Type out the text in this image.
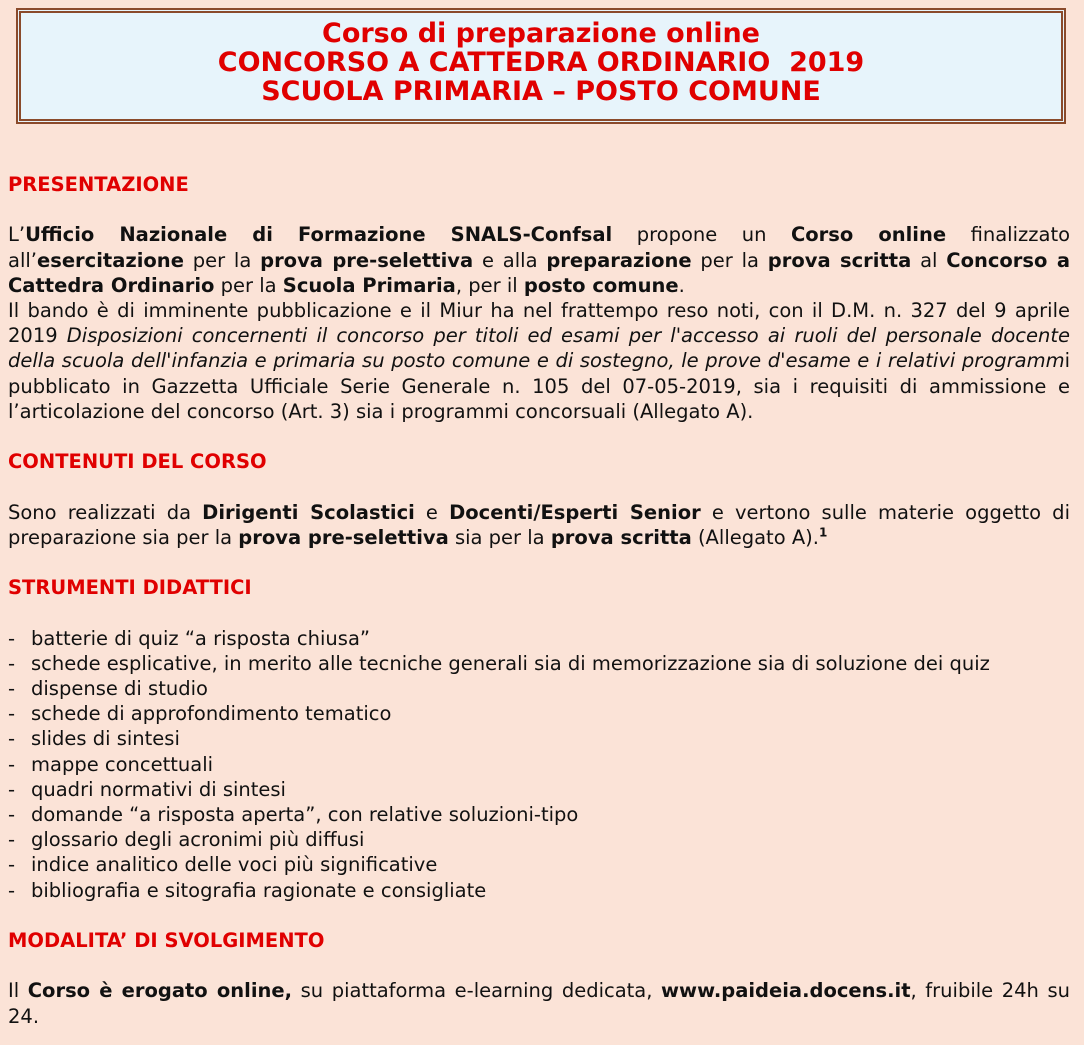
Corso di preparazione online
CONCORSO A CATTEDRA ORDINARIO  2019
SCUOLA PRIMARIA – POSTO COMUNE
PRESENTAZIONE

L’Ufficio Nazionale di Formazione SNALS-Confsal propone un Corso online finalizzato all’esercitazione per la prova pre-selettiva e alla preparazione per la prova scritta al Concorso a Cattedra Ordinario per la Scuola Primaria, per il posto comune.

Il bando è di imminente pubblicazione e il Miur ha nel frattempo reso noti, con il D.M. n. 327 del 9 aprile 2019 Disposizioni concernenti il concorso per titoli ed esami per l'accesso ai ruoli del personale docente della scuola dell'infanzia e primaria su posto comune e di sostegno, le prove d'esame e i relativi programmi pubblicato in Gazzetta Ufficiale Serie Generale n. 105 del 07-05-2019, sia i requisiti di ammissione e l’articolazione del concorso (Art. 3) sia i programmi concorsuali (Allegato A).

CONTENUTI DEL CORSO

Sono realizzati da Dirigenti Scolastici e Docenti/Esperti Senior e vertono sulle materie oggetto di preparazione sia per la prova pre-selettiva sia per la prova scritta (Allegato A).$^1$

STRUMENTI DIDATTICI
- batterie di quiz “a risposta chiusa”
- schede esplicative, in merito alle tecniche generali sia di memorizzazione sia di soluzione dei quiz
- dispense di studio
- schede di approfondimento tematico
- slides di sintesi
- mappe concettuali
- quadri normativi di sintesi
- domande “a risposta aperta”, con relative soluzioni-tipo
- glossario degli acronimi più diffusi
- indice analitico delle voci più significative
- bibliografia e sitografia ragionate e consigliate
MODALITA’ DI SVOLGIMENTO

Il Corso è erogato online, su piattaforma e-learning dedicata, www.paideia.docens.it, fruibile 24h su 24.
